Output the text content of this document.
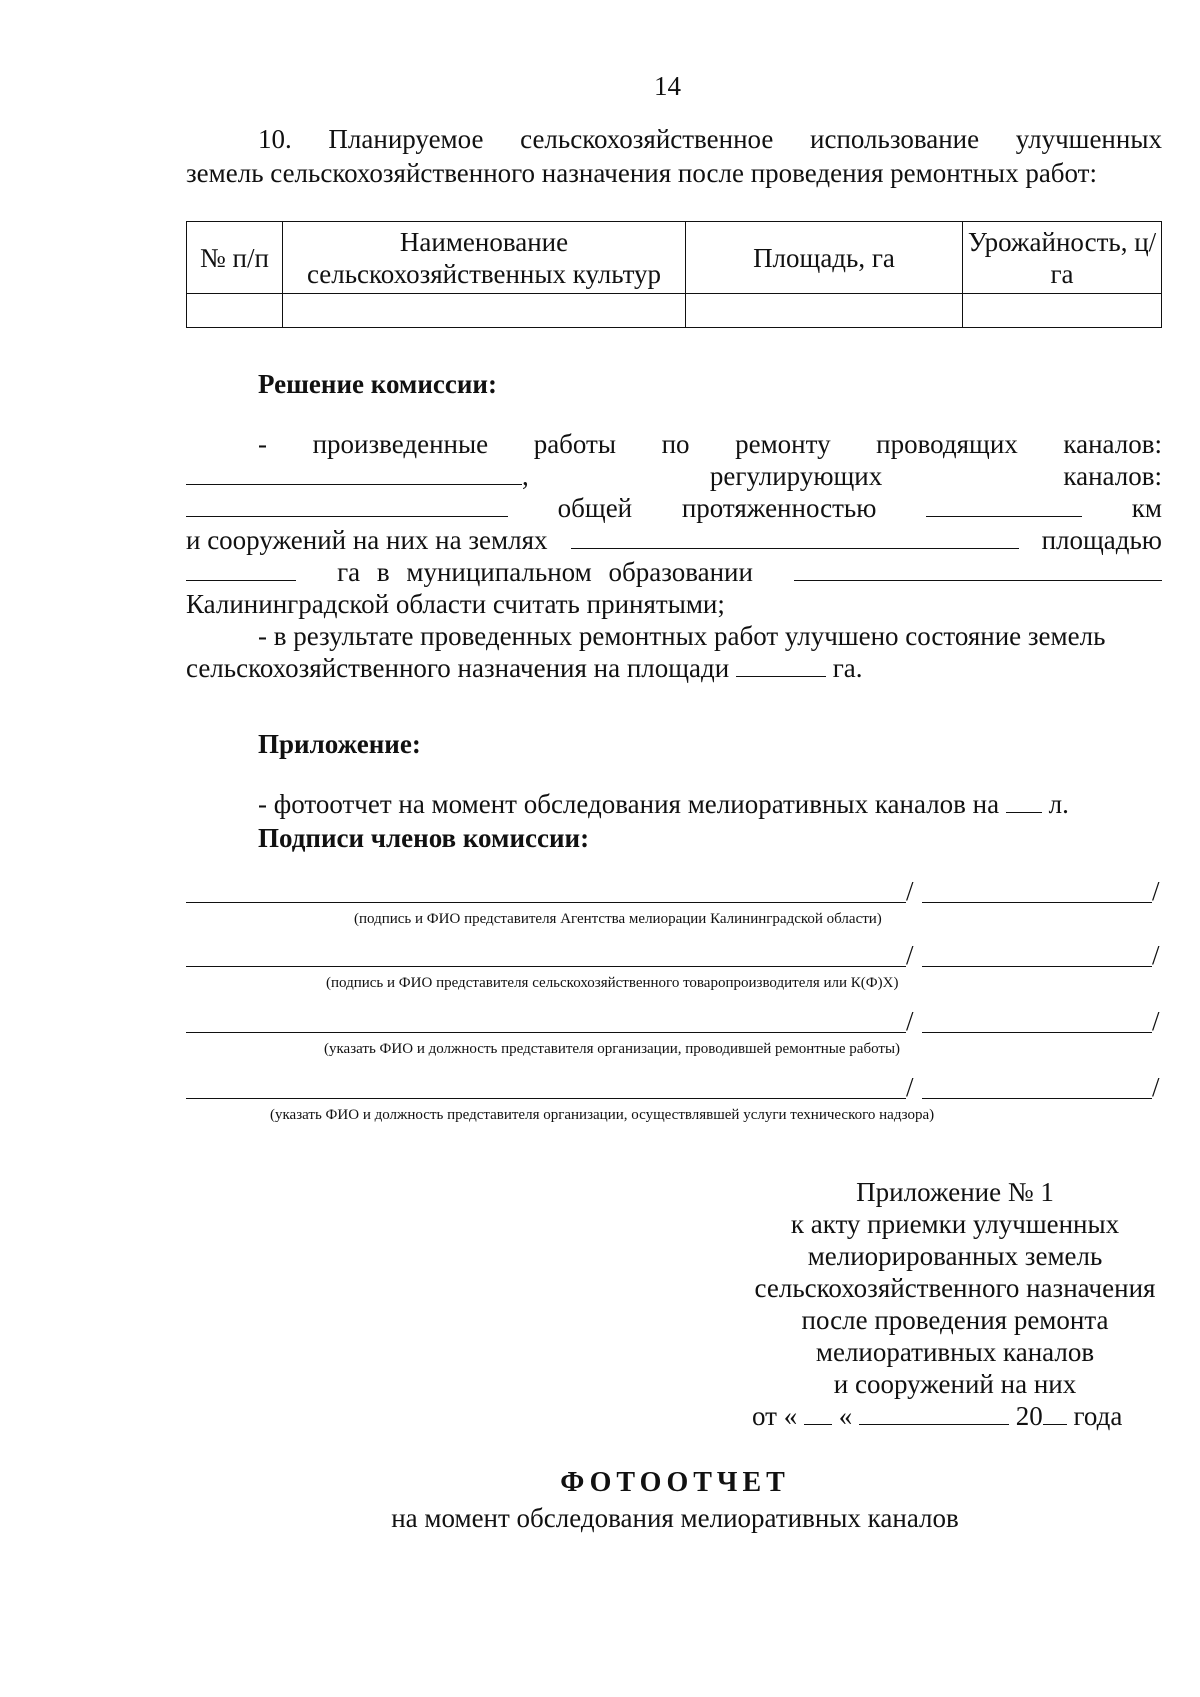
14
10. Планируемое сельскохозяйственное использование улучшенных
земель сельскохозяйственного назначения после проведения ремонтных работ:
№ п/п	Наименование сельскохозяйственных культур	Площадь, га	Урожайность, ц/га

Решение комиссии:
- произведенные работы по ремонту проводящих каналов:
,	регулирующих	каналов:
общей протяженностью	км
и сооружений на них на землях	площадью
га в муниципальном образовании
Калининградской области считать принятыми;
- в результате проведенных ремонтных работ улучшено состояние земель
сельскохозяйственного назначения на площади	га.
Приложение:
- фотоотчет на момент обследования мелиоративных каналов на л.
Подписи членов комиссии:
/	/
(подпись и ФИО представителя Агентства мелиорации Калининградской области)
/	/
(подпись и ФИО представителя сельскохозяйственного товаропроизводителя или К(Ф)Х)
/	/
(указать ФИО и должность представителя организации, проводившей ремонтные работы)
/	/
(указать ФИО и должность представителя организации, осуществлявшей услуги технического надзора)
Приложение № 1
к акту приемки улучшенных
мелиорированных земель
сельскохозяйственного назначения
после проведения ремонта
мелиоративных каналов
и сооружений на них
от « «	20 года
ФОТООТЧЕТ
на момент обследования мелиоративных каналов
